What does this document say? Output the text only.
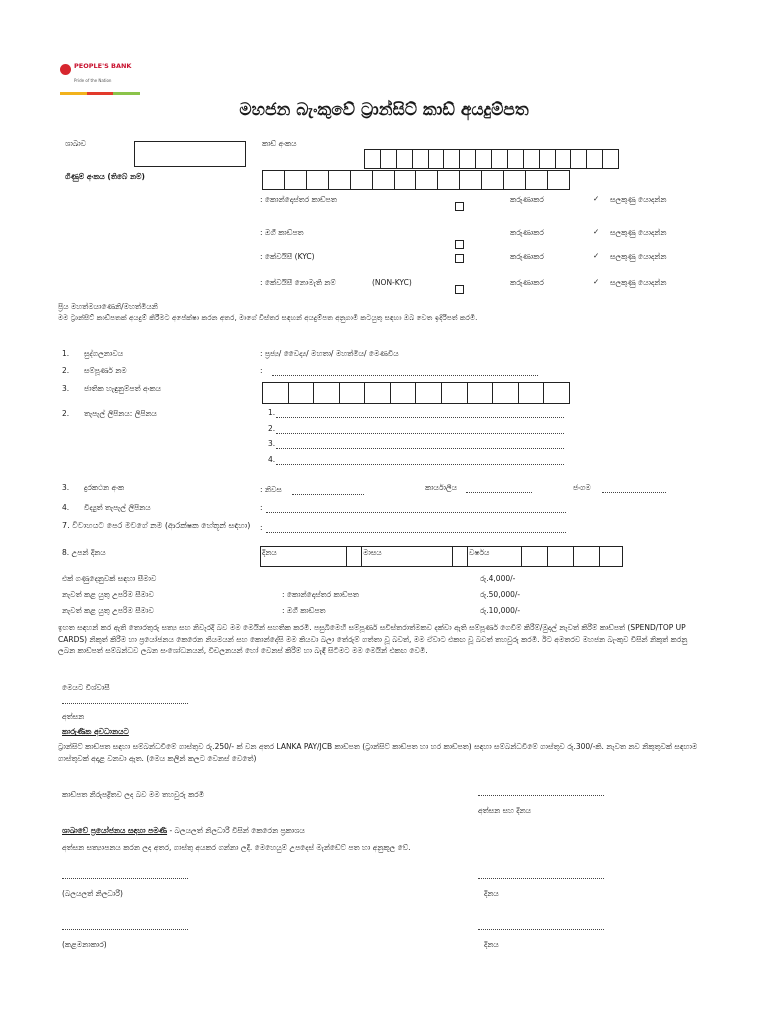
PEOPLE'S BANK
Pride of the Nation
මහජන බැංකුවේ ට්‍රාන්සිට් කාඩ් අයදුම්පත
ශාඛාව	කාඩ් අංකය
ගිණුම් අංකය (තිබේ නම්)
: කොන්දොස්තර කාඩ්පත	කරුණාකර	✓ සලකුණු යොදන්න
: ඔගී කාඩ්පත	කරුණාකර	✓ සලකුණු යොදන්න
: කේවයිසී (KYC)	කරුණාකර	✓ සලකුණු යොදන්න
: කේවයිසී නොමැති නම්	(NON-KYC)	කරුණාකර	✓ සලකුණු යොදන්න
ප්‍රිය මහත්මයාණෙනි/මහත්මියනි
මම ට්‍රාන්සිට් කාඩ්පතක් අයදුම් කිරීමට අපේක්ෂා කරන අතර, මාගේ විස්තර සඳහන් අයදුම්පත අනුගාමී කටයුතු සඳහා ඔබ වෙත ඉදිරිපත් කරමි.
1. සුද්ගලනාවය	: ප්‍රජ්‍ය/ වෛද්‍ය/ මහතා/ මහත්මිය/ මෙණවිය
2. සම්පූර්ණ නම	:
3. ජාතික හැඳුනුම්පත් අංකය
2. තැපැල් ලිපිනය: ලිපිනය	1.
2.
3.
4.
3. දුරකථන අංක	: නිවස	කාර්යාලීය	ජංගම
4. විද්‍යුත් තැපැල් ලිපිනය	:
7. විවාහයට පෙර මවගේ නම (ආරක්ෂක හේතූන් සඳහා) :
8. උපන් දිනය	දිනය	මාසය	වර්ෂය
එක් ගණුදෙනුවක් සඳහා සීමාව	රු.4,000/-
නැවත් කළ යුතු උපරිම සීමාව	: කොන්දොස්තර කාඩ්පත	රු.50,000/-
නැවත් කළ යුතු උපරිම සීමාව	: ඔගී කාඩ්පත	රු.10,000/-
ඉහත සඳහන් කර ඇති තොරතුරු සත්‍ය සහ නිවැරදි බව මම මෙයින් සහතික කරමි. පසුබිමෙහි සම්පූර්ණ සවිස්තරාත්මකව දක්වා ඇති සම්පූර්ණ ගෙවීම් කිරීම්/මුදල් නැවත් කිරීම් කාඩ්පත් (SPEND/TOP UP CARDS) නිකුත් කිරීම හා ප්‍රයෝජනය කෙරෙන නියමයන් සහ කොන්දේසි මම කියවා බලා තේරුම් ගත්තා වූ බවත්, මම ඒවාට එකඟ වූ බවත් තහවුරු කරමි. ඊට අමතරව මහජන බැංකුව විසින් නිකුත් කරනු ලබන කාඩ්පත් සම්බන්ධව ලබන සංශෝධනයන්, විචලනයන් හෝ වෙනස් කිරීම් හා බැඳී සිටීමට මම මෙයින් එකඟ වෙමි.
මෙයට විශ්වාසී
අත්සන
කාරුණික අවධානයට
ට්‍රාන්සිට් කාඩ්පත සඳහා සම්බන්ධවීමේ ගාස්තුව රු.250/- ක් වන අතර LANKA PAY/JCB කාඩ්පත (ට්‍රාන්සිට් කාඩ්පත හා හර කාඩ්පත) සඳහා සම්බන්ධවීමේ ගාස්තුව රු.300/-කි. නැවත නව නිකුතුවක් සඳහාම ගාස්තුවක් අදාළ වනවා ඇත. (මෙය කලින් කලට වෙනස් වෙතේ)
කාඩ්පත නිරුපද්‍රිතව ලද බව මම තහවුරු කරමි
අත්සන සහ දිනය
ශාඛාවේ ප්‍රයෝජනය සඳහා පමණි - බලයලත් නිලධාරී විසින් කෙරෙන ප්‍රකාශය
අත්සන සත්‍යාපනය කරන ලද අතර, ගාස්තු අයකර ගන්නා ලදී. මෙහෙයුම් උපදෙස් මැන්ඩේට් පත හා අනුකූල වේ.
(බලයලත් නිලධාරී)	දිනය
(කළමනාකාර)	දිනය
